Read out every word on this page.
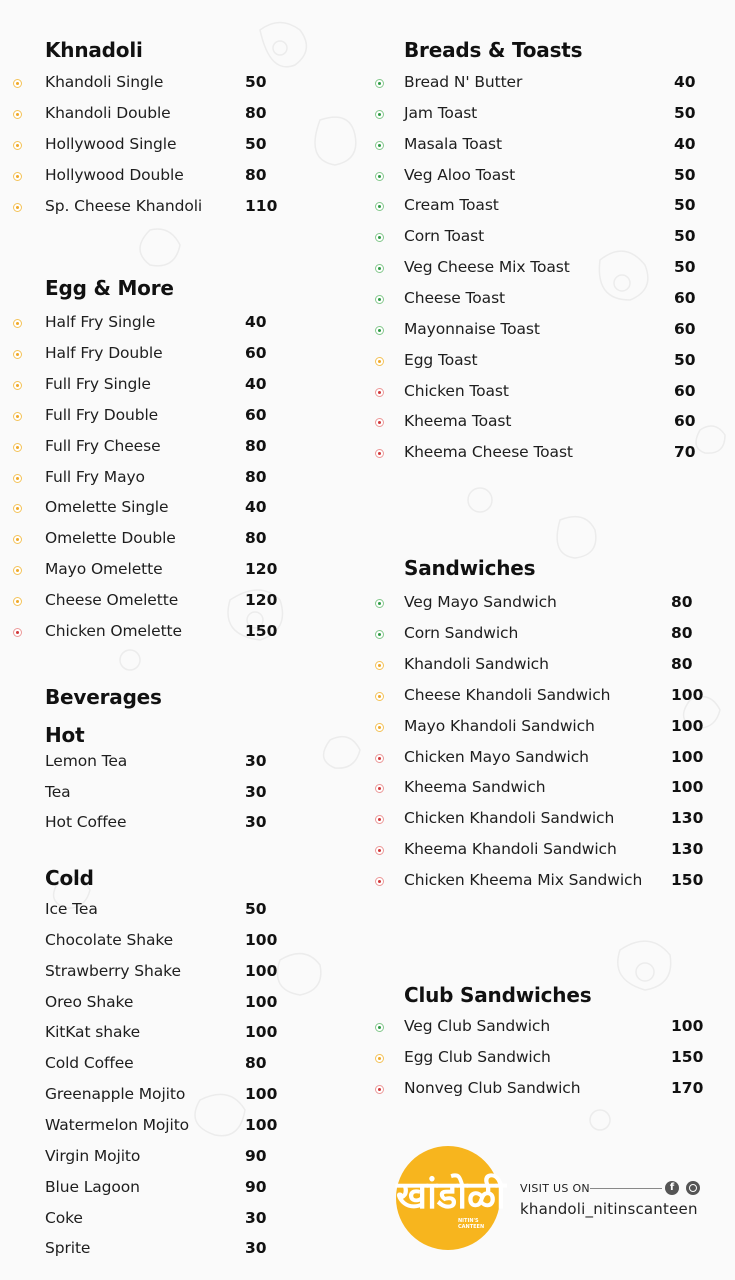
Khnadoli
Khandoli Single	50
Khandoli Double	80
Hollywood Single	50
Hollywood Double	80
Sp. Cheese Khandoli	110
Egg & More
Half Fry Single	40
Half Fry Double	60
Full Fry Single	40
Full Fry Double	60
Full Fry Cheese	80
Full Fry Mayo	80
Omelette Single	40
Omelette Double	80
Mayo Omelette	120
Cheese Omelette	120
Chicken Omelette	150
Beverages
Hot
Lemon Tea	30
Tea	30
Hot Coffee	30
Cold
Ice Tea	50
Chocolate Shake	100
Strawberry Shake	100
Oreo Shake	100
KitKat shake	100
Cold Coffee	80
Greenapple Mojito	100
Watermelon Mojito	100
Virgin Mojito	90
Blue Lagoon	90
Coke	30
Sprite	30
Breads & Toasts
Bread N' Butter	40
Jam Toast	50
Masala Toast	40
Veg Aloo Toast	50
Cream Toast	50
Corn Toast	50
Veg Cheese Mix Toast	50
Cheese Toast	60
Mayonnaise Toast	60
Egg Toast	50
Chicken Toast	60
Kheema Toast	60
Kheema Cheese Toast	70
Sandwiches
Veg Mayo Sandwich	80
Corn Sandwich	80
Khandoli Sandwich	80
Cheese Khandoli Sandwich	100
Mayo Khandoli Sandwich	100
Chicken Mayo Sandwich	100
Kheema Sandwich	100
Chicken Khandoli Sandwich	130
Kheema Khandoli Sandwich	130
Chicken Kheema Mix Sandwich 150
Club Sandwiches
Veg Club Sandwich	100
Egg Club Sandwich	150
Nonveg Club Sandwich	170
खांडोळी
NITIN'S CANTEEN
VISIT US ON	f
khandoli_nitinscanteen
